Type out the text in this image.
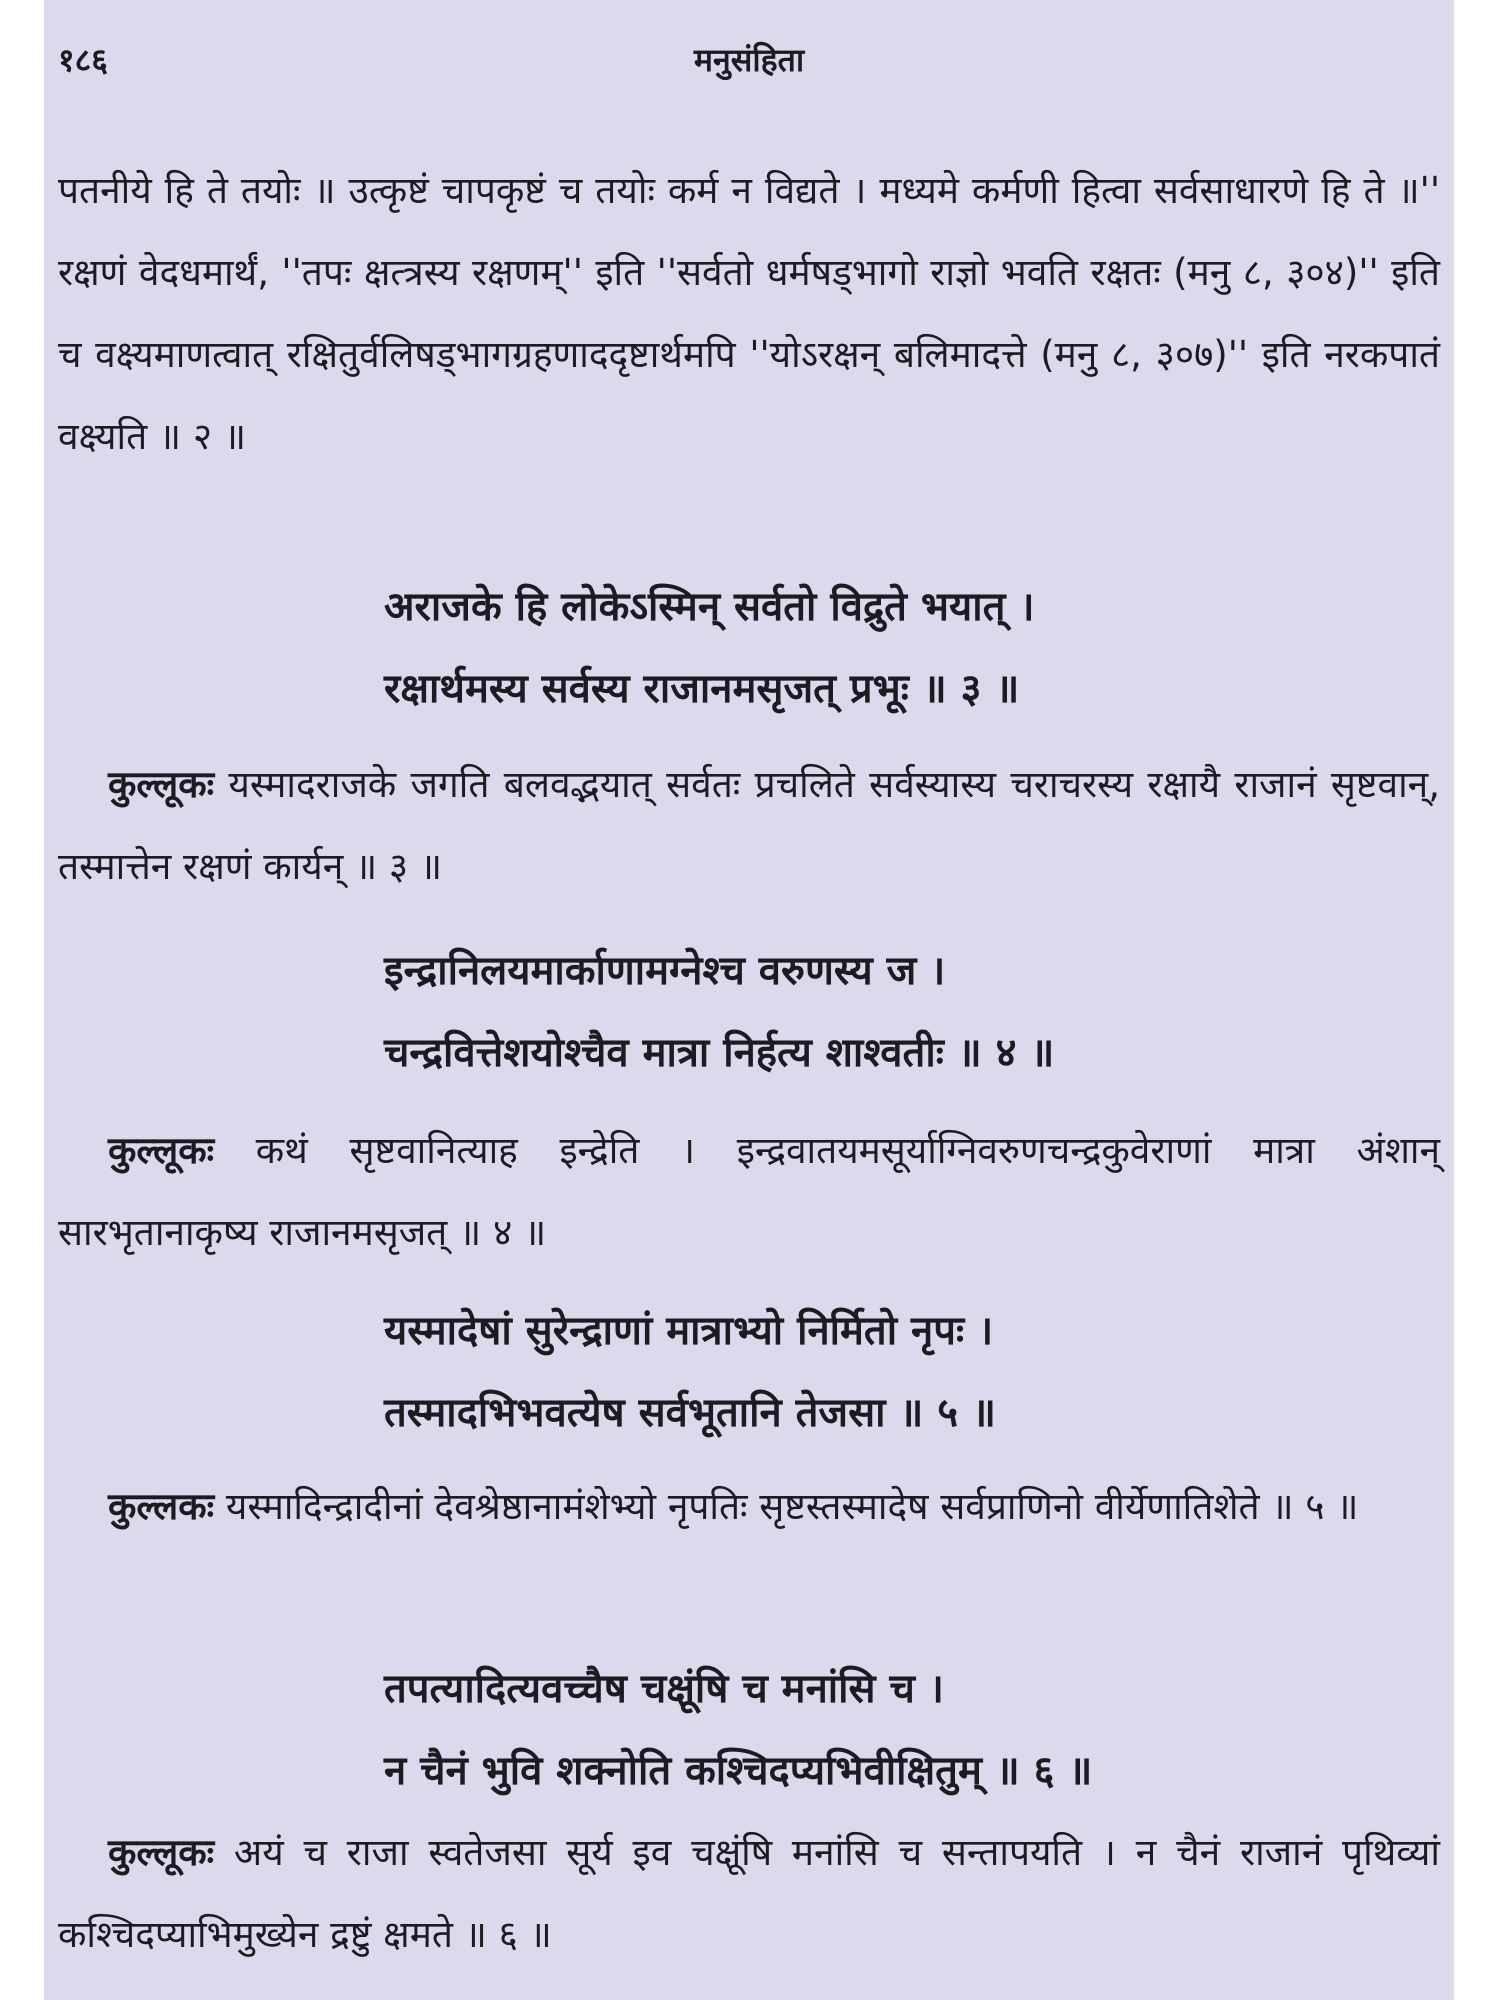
१८६	मनुसंहिता

पतनीये हि ते तयोः ॥ उत्कृष्टं चापकृष्टं च तयोः कर्म न विद्यते । मध्यमे कर्मणी हित्वा सर्वसाधारणे हि ते ॥'' रक्षणं वेदधमार्थं, ''तपः क्षत्त्रस्य रक्षणम्'' इति ''सर्वतो धर्मषड्भागो राज्ञो भवति रक्षतः (मनु ८, ३०४)'' इति च वक्ष्यमाणत्वात् रक्षितुर्वलिषड्भागग्रहणाददृष्टार्थमपि ''योऽरक्षन् बलिमादत्ते (मनु ८, ३०७)'' इति नरकपातं वक्ष्यति ॥ २ ॥

अराजके हि लोकेऽस्मिन् सर्वतो विद्रुते भयात् ।
रक्षार्थमस्य सर्वस्य राजानमसृजत् प्रभूः ॥ ३ ॥

कुल्लूकः यस्मादराजके जगति बलवद्भयात् सर्वतः प्रचलिते सर्वस्यास्य चराचरस्य रक्षायै राजानं सृष्टवान्, तस्मात्तेन रक्षणं कार्यन् ॥ ३ ॥

इन्द्रानिलयमार्काणामग्नेश्च वरुणस्य ज ।
चन्द्रवित्तेशयोश्चैव मात्रा निर्हत्य शाश्वतीः ॥ ४ ॥

कुल्लूकः कथं सृष्टवानित्याह इन्द्रेति । इन्द्रवातयमसूर्याग्निवरुणचन्द्रकुवेराणां मात्रा अंशान् सारभृतानाकृष्य राजानमसृजत् ॥ ४ ॥

यस्मादेषां सुरेन्द्राणां मात्राभ्यो निर्मितो नृपः ।
तस्मादभिभवत्येष सर्वभूतानि तेजसा ॥ ५ ॥

कुल्लकः यस्मादिन्द्रादीनां देवश्रेष्ठानामंशेभ्यो नृपतिः सृष्टस्तस्मादेष सर्वप्राणिनो वीर्येणातिशेते ॥ ५ ॥

तपत्यादित्यवच्चैष चक्षूंषि च मनांसि च ।
न चैनं भुवि शक्नोति कश्चिदप्यभिवीक्षितुम् ॥ ६ ॥

कुल्लूकः अयं च राजा स्वतेजसा सूर्य इव चक्षूंषि मनांसि च सन्तापयति । न चैनं राजानं पृथिव्यां कश्चिदप्याभिमुख्येन द्रष्टुं क्षमते ॥ ६ ॥
